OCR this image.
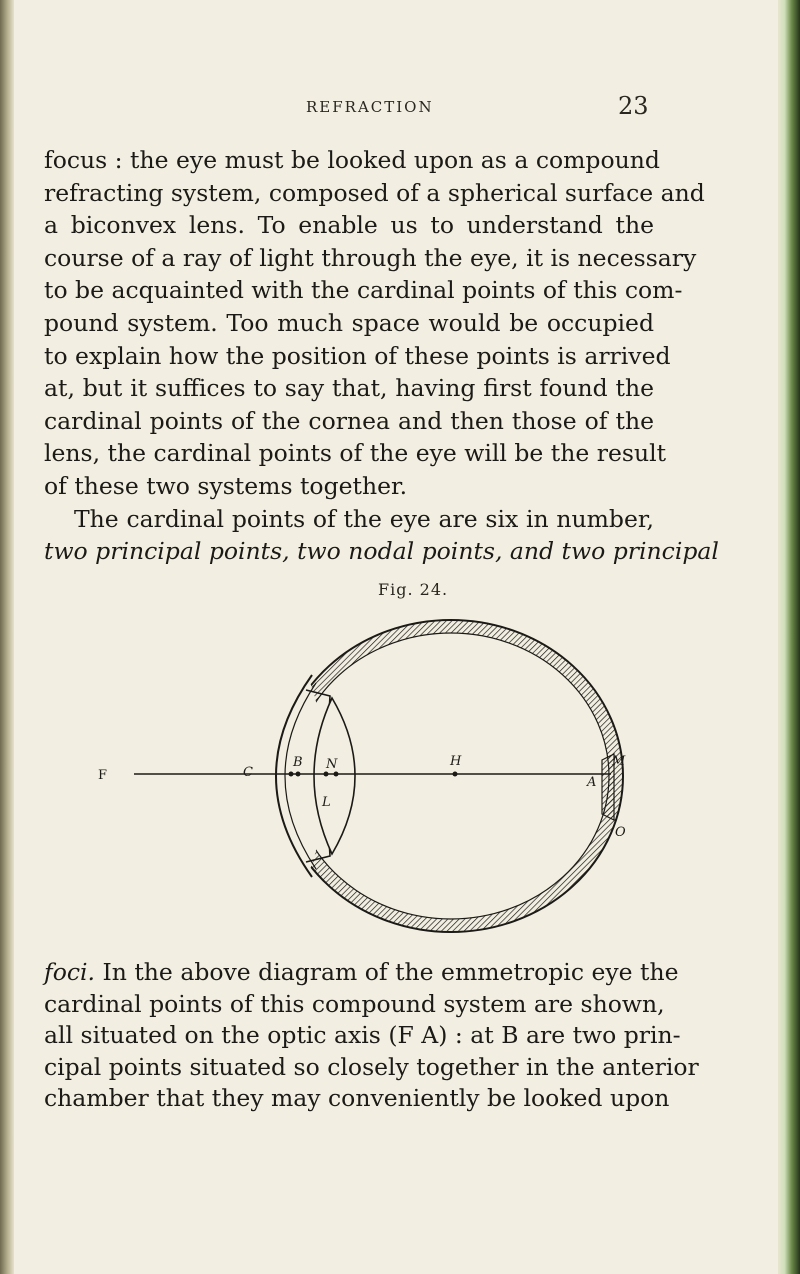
REFRACTION	23
focus : the eye must be looked upon as a compound
refracting system, composed of a spherical surface and
a biconvex lens. To enable us to understand the
course of a ray of light through the eye, it is necessary
to be acquainted with the cardinal points of this com-
pound system. Too much space would be occupied
to explain how the position of these points is arrived
at, but it suffices to say that, having first found the
cardinal points of the cornea and then those of the
lens, the cardinal points of the eye will be the result
of these two systems together.
The cardinal points of the eye are six in number,
two principal points, two nodal points, and two principal
Fig. 24.
F	C
B N
L
H
A
M
O
foci. In the above diagram of the emmetropic eye the
cardinal points of this compound system are shown,
all situated on the optic axis (F A) : at B are two prin-
cipal points situated so closely together in the anterior
chamber that they may conveniently be looked upon
